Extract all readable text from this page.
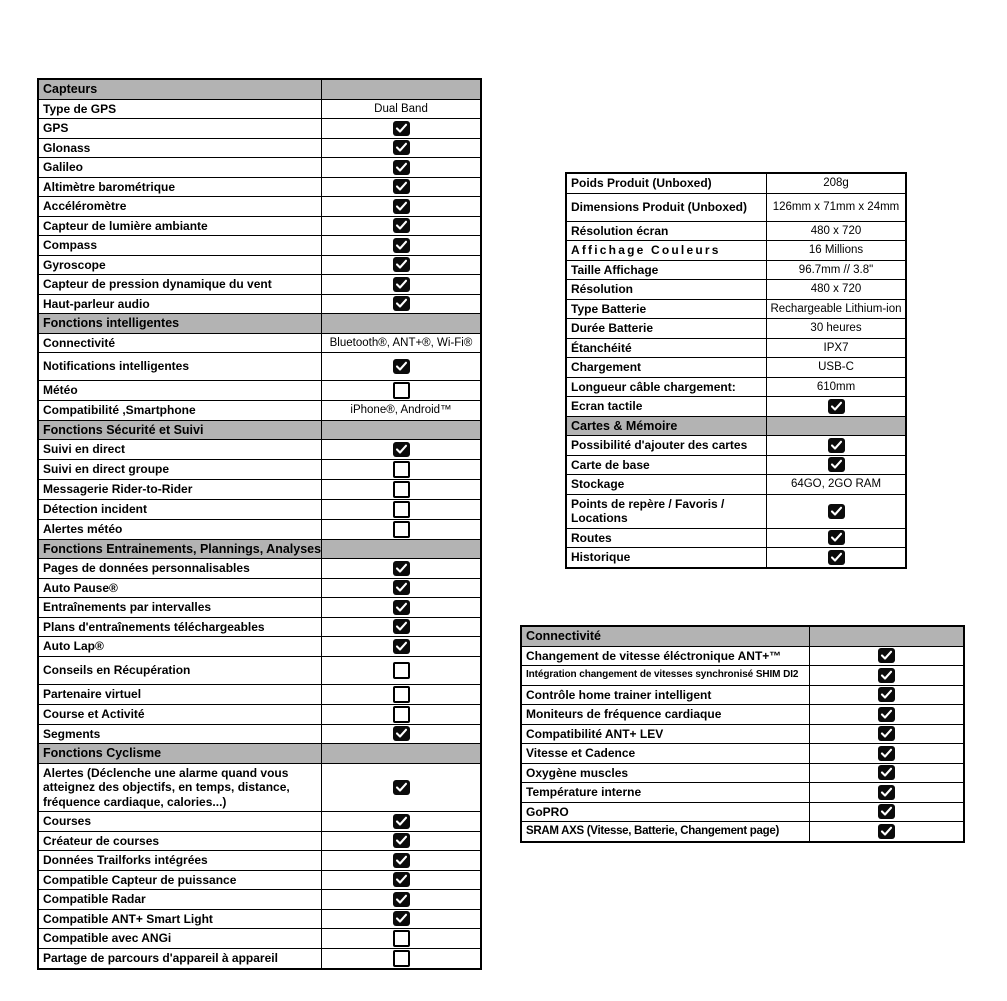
Capteurs
Type de GPS	Dual Band
GPS
Glonass
Galileo
Altimètre barométrique
Accéléromètre
Capteur de lumière ambiante
Compass
Gyroscope
Capteur de pression dynamique du vent
Haut-parleur audio
Fonctions intelligentes
Connectivité	Bluetooth®, ANT+®, Wi-Fi®
Notifications intelligentes
Météo
Compatibilité ,Smartphone	iPhone®, Android™
Fonctions Sécurité et Suivi
Suivi en direct
Suivi en direct groupe
Messagerie Rider-to-Rider
Détection incident
Alertes météo
Fonctions Entrainements, Plannings, Analyses
Pages de données personnalisables
Auto Pause®
Entraînements par intervalles
Plans d'entraînements téléchargeables
Auto Lap®
Conseils en Récupération
Partenaire virtuel
Course et Activité
Segments
Fonctions Cyclisme
Alertes (Déclenche une alarme quand vous atteignez des objectifs, en temps, distance, fréquence cardiaque, calories...)
Courses
Créateur de courses
Données Trailforks intégrées
Compatible Capteur de puissance
Compatible Radar
Compatible ANT+ Smart Light
Compatible avec ANGi
Partage de parcours d'appareil à appareil
Poids Produit (Unboxed)	208g
Dimensions Produit (Unboxed)	126mm x 71mm x 24mm
Résolution écran	480 x 720
Affichage Couleurs	16 Millions
Taille Affichage	96.7mm // 3.8"
Résolution	480 x 720
Type Batterie	Rechargeable Lithium-ion
Durée Batterie	30 heures
Étanchéité	IPX7
Chargement	USB-C
Longueur câble chargement:	610mm
Ecran tactile
Cartes & Mémoire
Possibilité d'ajouter des cartes
Carte de base
Stockage	64GO, 2GO RAM
Points de repère / Favoris / Locations
Routes
Historique
Connectivité
Changement de vitesse éléctronique ANT+™
Intégration changement de vitesses synchronisé SHIM DI2
Contrôle home trainer intelligent
Moniteurs de fréquence cardiaque
Compatibilité ANT+ LEV
Vitesse et Cadence
Oxygène muscles
Température interne
GoPRO
SRAM AXS (Vitesse, Batterie, Changement page)
